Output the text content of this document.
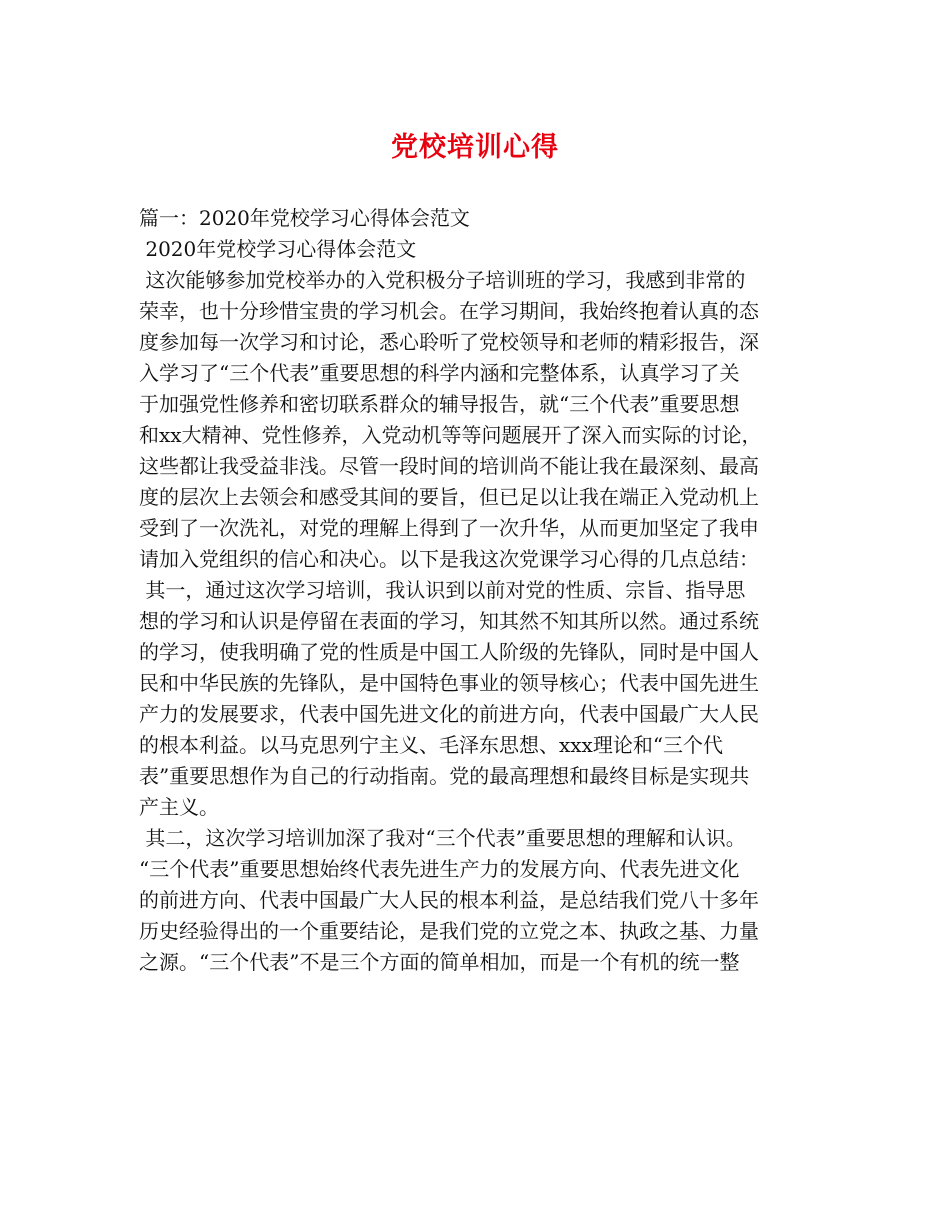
党校培训心得
篇一：2020年党校学习心得体会范文
2020年党校学习心得体会范文
这次能够参加党校举办的入党积极分子培训班的学习，我感到非常的
荣幸，也十分珍惜宝贵的学习机会。在学习期间，我始终抱着认真的态
度参加每一次学习和讨论，悉心聆听了党校领导和老师的精彩报告，深
入学习了“三个代表”重要思想的科学内涵和完整体系，认真学习了关
于加强党性修养和密切联系群众的辅导报告，就“三个代表”重要思想
和xx大精神、党性修养，入党动机等等问题展开了深入而实际的讨论，
这些都让我受益非浅。尽管一段时间的培训尚不能让我在最深刻、最高
度的层次上去领会和感受其间的要旨，但已足以让我在端正入党动机上
受到了一次洗礼，对党的理解上得到了一次升华，从而更加坚定了我申
请加入党组织的信心和决心。以下是我这次党课学习心得的几点总结：
其一，通过这次学习培训，我认识到以前对党的性质、宗旨、指导思
想的学习和认识是停留在表面的学习，知其然不知其所以然。通过系统
的学习，使我明确了党的性质是中国工人阶级的先锋队，同时是中国人
民和中华民族的先锋队，是中国特色事业的领导核心；代表中国先进生
产力的发展要求，代表中国先进文化的前进方向，代表中国最广大人民
的根本利益。以马克思列宁主义、毛泽东思想、xxx理论和“三个代
表”重要思想作为自己的行动指南。党的最高理想和最终目标是实现共
产主义。
其二，这次学习培训加深了我对“三个代表”重要思想的理解和认识。
“三个代表”重要思想始终代表先进生产力的发展方向、代表先进文化
的前进方向、代表中国最广大人民的根本利益，是总结我们党八十多年
历史经验得出的一个重要结论，是我们党的立党之本、执政之基、力量
之源。“三个代表”不是三个方面的简单相加，而是一个有机的统一整
